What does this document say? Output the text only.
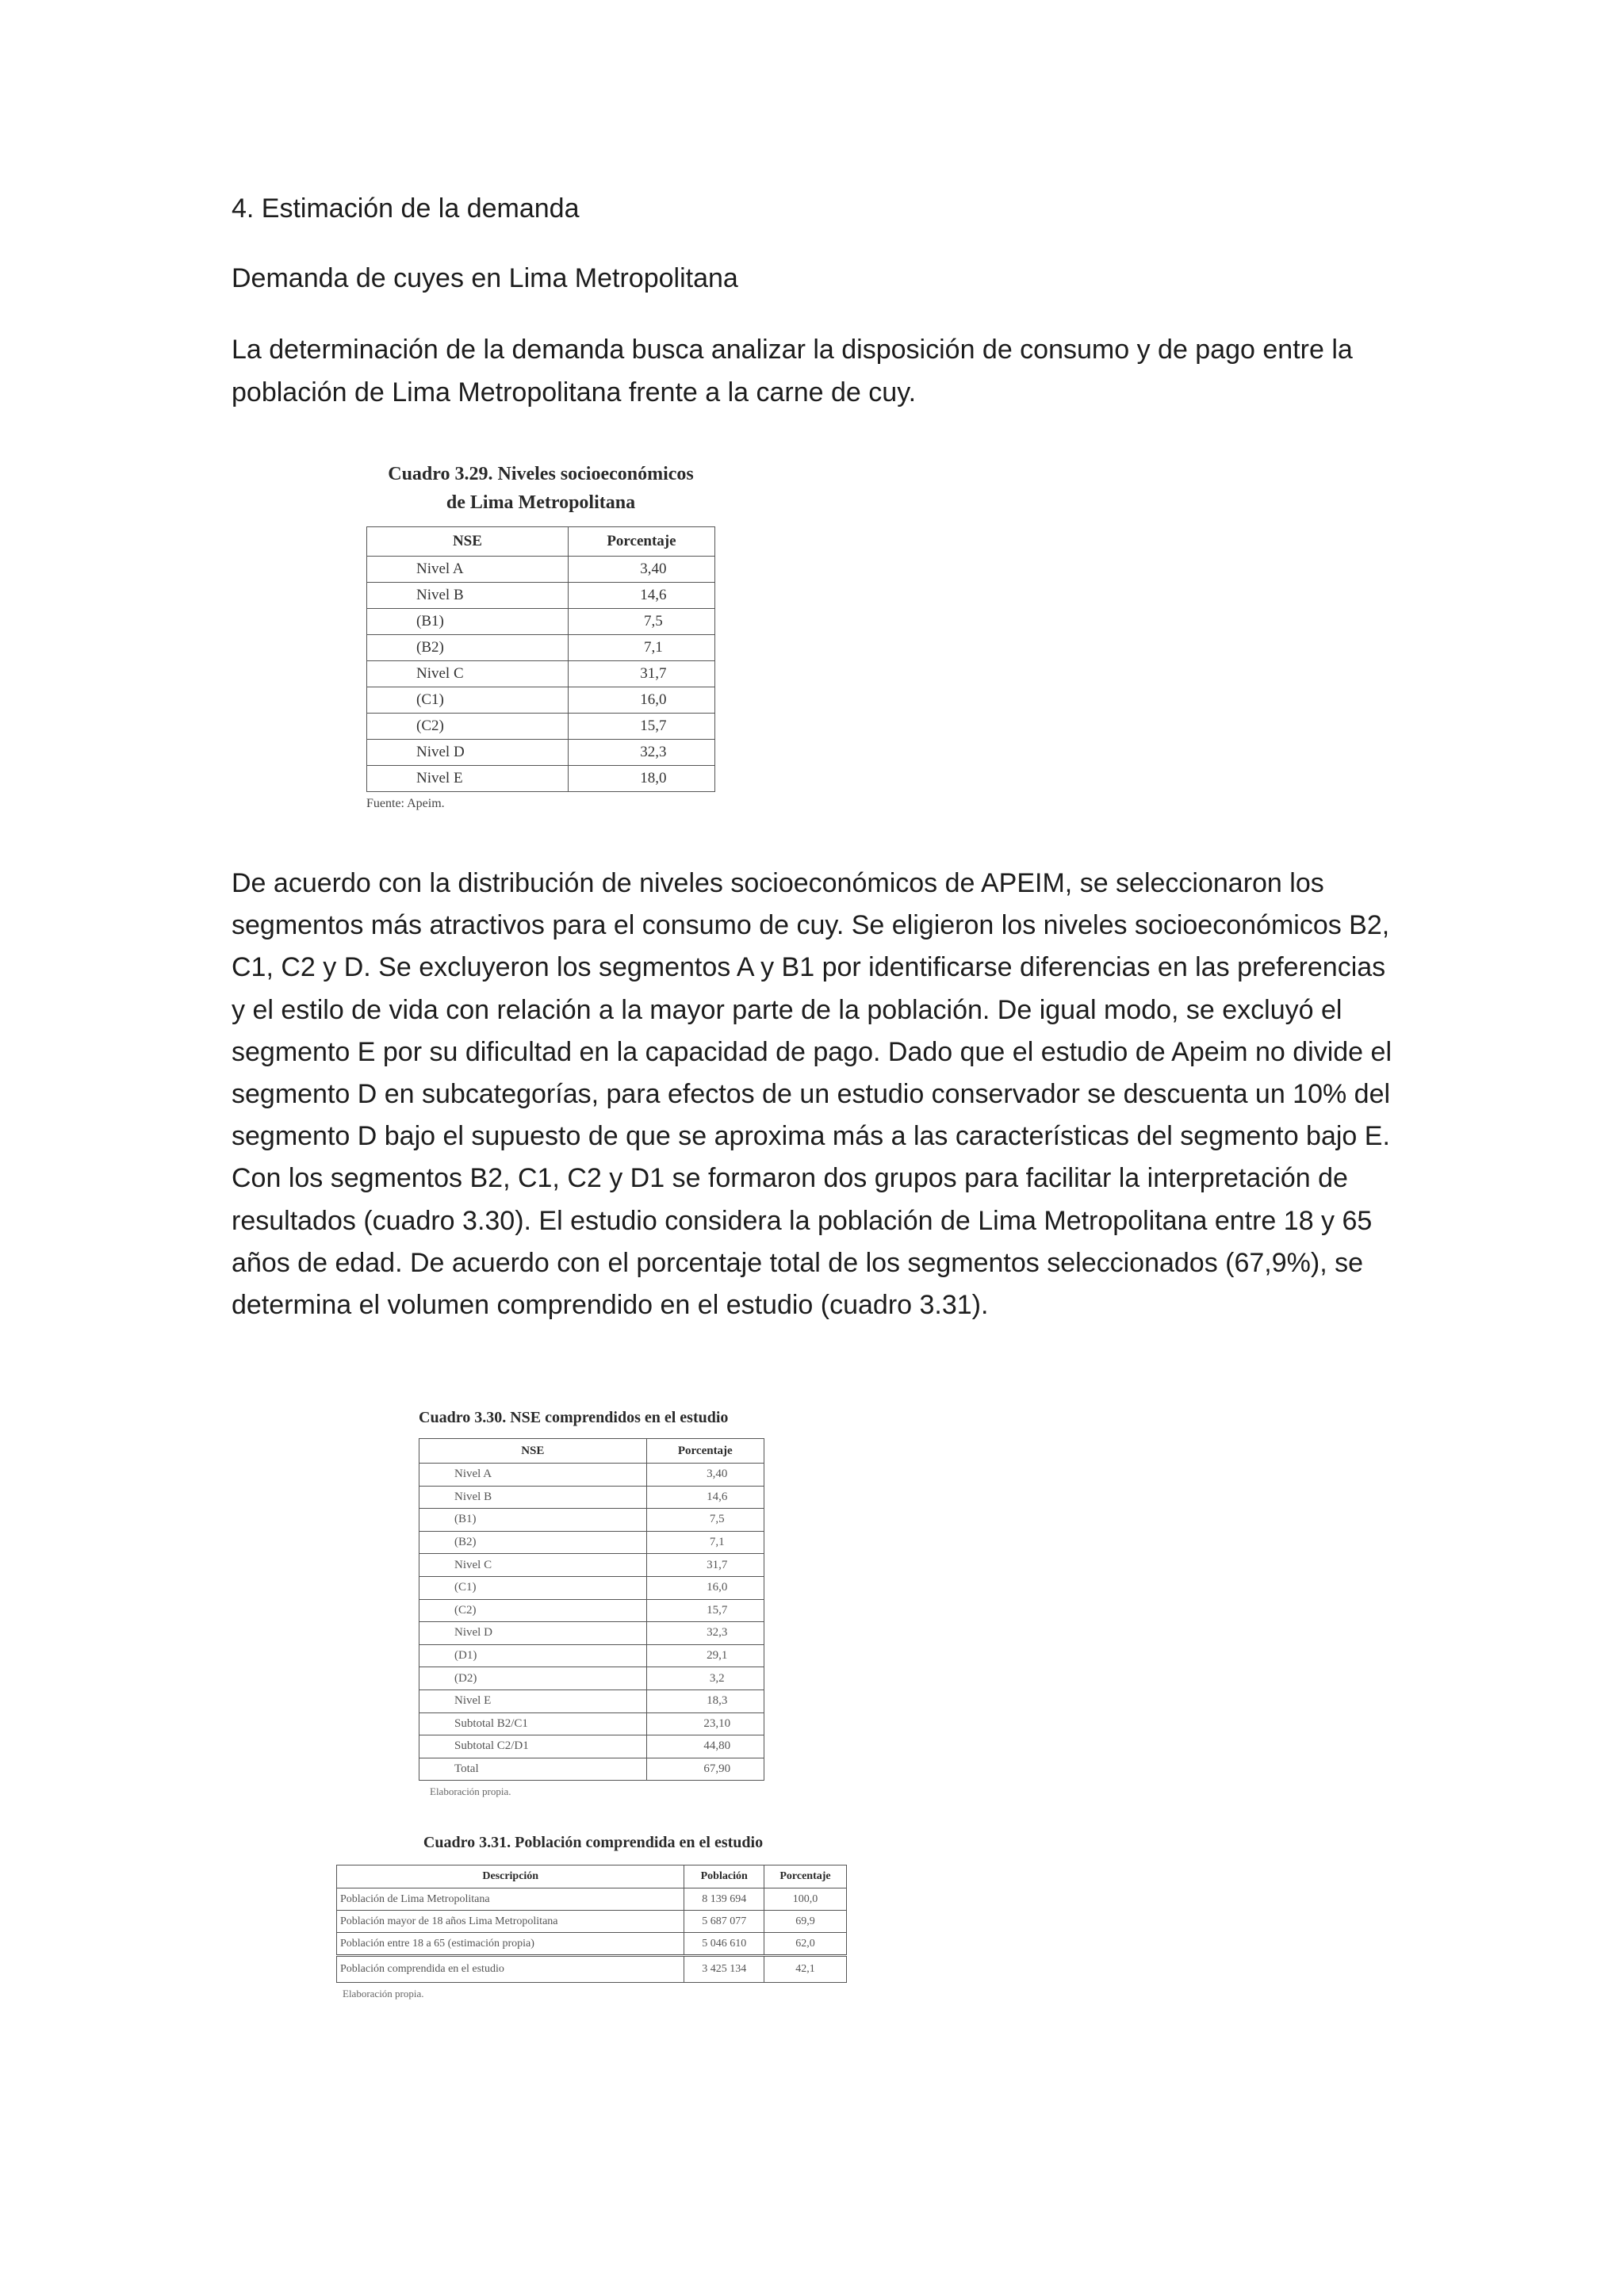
4. Estimación de la demanda
Demanda de cuyes en Lima Metropolitana
La determinación de la demanda busca analizar la disposición de consumo y de pago entre la población de Lima Metropolitana frente a la carne de cuy.
Cuadro 3.29. Niveles socioeconómicos
de Lima Metropolitana
NSE	Porcentaje
Nivel A	3,40
Nivel B	14,6
(B1)	7,5
(B2)	7,1
Nivel C	31,7
(C1)	16,0
(C2)	15,7
Nivel D	32,3
Nivel E	18,0
Fuente: Apeim.
De acuerdo con la distribución de niveles socioeconómicos de APEIM, se seleccionaron los segmentos más atractivos para el consumo de cuy. Se eligieron los niveles socioeconómicos B2, C1, C2 y D. Se excluyeron los segmentos A y B1 por identificarse diferencias en las preferencias y el estilo de vida con relación a la mayor parte de la población. De igual modo, se excluyó el segmento E por su dificultad en la capacidad de pago. Dado que el estudio de Apeim no divide el segmento D en subcategorías, para efectos de un estudio conservador se descuenta un 10% del segmento D bajo el supuesto de que se aproxima más a las características del segmento bajo E. Con los segmentos B2, C1, C2 y D1 se formaron dos grupos para facilitar la interpretación de resultados (cuadro 3.30). El estudio considera la población de Lima Metropolitana entre 18 y 65 años de edad. De acuerdo con el porcentaje total de los segmentos seleccionados (67,9%), se determina el volumen comprendido en el estudio (cuadro 3.31).
Cuadro 3.30. NSE comprendidos en el estudio
NSE	Porcentaje
Nivel A	3,40
Nivel B	14,6
(B1)	7,5
(B2)	7,1
Nivel C	31,7
(C1)	16,0
(C2)	15,7
Nivel D	32,3
(D1)	29,1
(D2)	3,2
Nivel E	18,3
Subtotal B2/C1	23,10
Subtotal C2/D1	44,80
Total	67,90
Elaboración propia.
Cuadro 3.31. Población comprendida en el estudio
Descripción	Población	Porcentaje
Población de Lima Metropolitana	8 139 694	100,0
Población mayor de 18 años Lima Metropolitana	5 687 077	69,9
Población entre 18 a 65 (estimación propia)	5 046 610	62,0
Población comprendida en el estudio	3 425 134	42,1
Elaboración propia.
